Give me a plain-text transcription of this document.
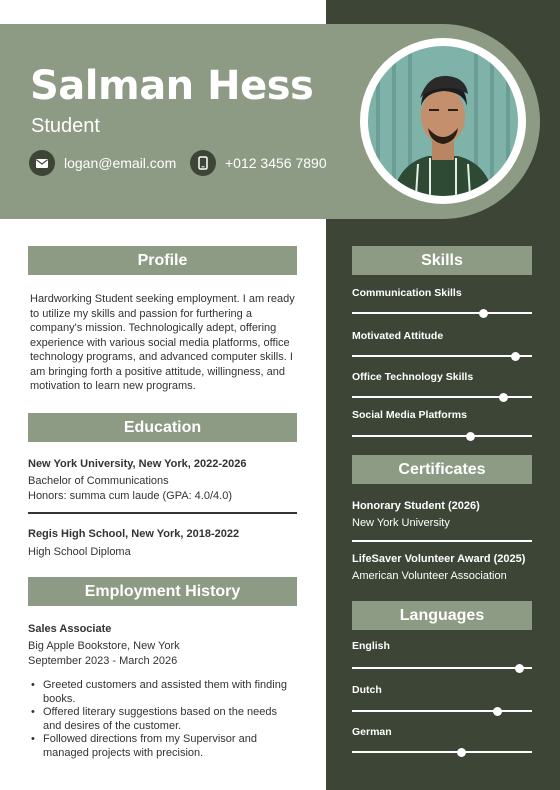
Salman Hess
Student
logan@email.com	+012 3456 7890
Profile
Hardworking Student seeking employment. I am ready
to utilize my skills and passion for furthering a
company's mission. Technologically adept, offering
experience with various social media platforms, office
technology programs, and advanced computer skills. I
am bringing forth a positive attitude, willingness, and
motivation to learn new programs.
Education
New York University, New York, 2022-2026
Bachelor of Communications
Honors: summa cum laude (GPA: 4.0/4.0)
Regis High School, New York, 2018-2022
High School Diploma
Employment History
Sales Associate
Big Apple Bookstore, New York
September 2023 - March 2026
• Greeted customers and assisted them with finding
books.
• Offered literary suggestions based on the needs
and desires of the customer.
• Followed directions from my Supervisor and
managed projects with precision.
Skills
Communication Skills
Motivated Attitude
Office Technology Skills
Social Media Platforms
Certificates
Honorary Student (2026)
New York University
LifeSaver Volunteer Award (2025)
American Volunteer Association
Languages
English
Dutch
German
